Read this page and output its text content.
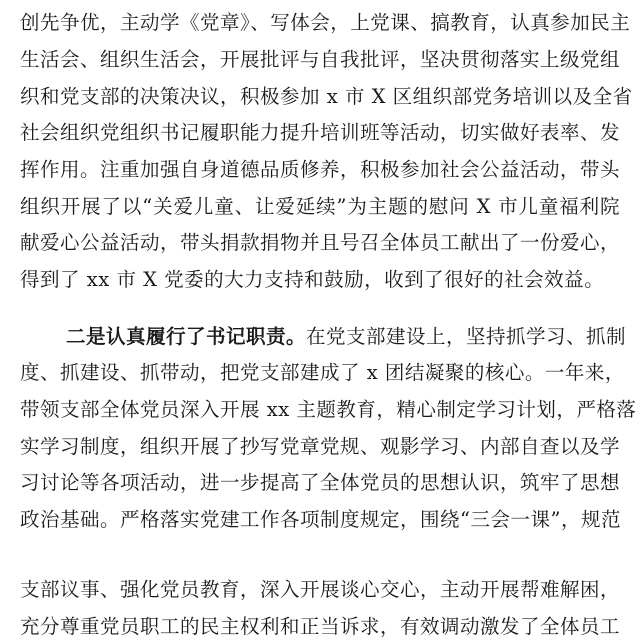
创先争优，主动学《党章》、写体会，上党课、搞教育，认真参加民主
生活会、组织生活会，开展批评与自我批评，坚决贯彻落实上级党组
织和党支部的决策决议，积极参加 x 市 X 区组织部党务培训以及全省
社会组织党组织书记履职能力提升培训班等活动，切实做好表率、发
挥作用。注重加强自身道德品质修养，积极参加社会公益活动，带头
组织开展了以“关爱儿童、让爱延续”为主题的慰问 X 市儿童福利院
献爱心公益活动，带头捐款捐物并且号召全体员工献出了一份爱心，
得到了 xx 市 X 党委的大力支持和鼓励，收到了很好的社会效益。
二是认真履行了书记职责。在党支部建设上，坚持抓学习、抓制
度、抓建设、抓带动，把党支部建成了 x 团结凝聚的核心。一年来，
带领支部全体党员深入开展 xx 主题教育，精心制定学习计划，严格落
实学习制度，组织开展了抄写党章党规、观影学习、内部自查以及学
习讨论等各项活动，进一步提高了全体党员的思想认识，筑牢了思想
政治基础。严格落实党建工作各项制度规定，围绕“三会一课”，规范
支部议事、强化党员教育，深入开展谈心交心，主动开展帮难解困，
充分尊重党员职工的民主权利和正当诉求，有效调动激发了全体员工
